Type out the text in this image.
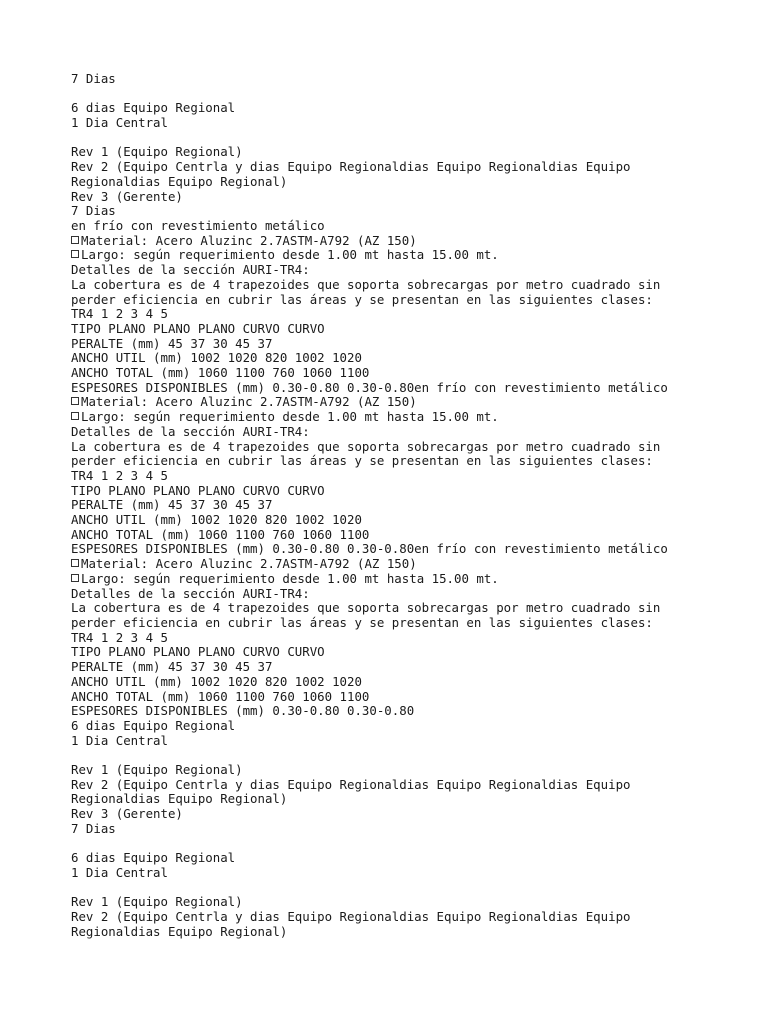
7 Dias
6 dias Equipo Regional
1 Dia Central
Rev 1 (Equipo Regional)
Rev 2 (Equipo Centrla y dias Equipo Regionaldias Equipo Regionaldias Equipo
Regionaldias Equipo Regional)
Rev 3 (Gerente)
7 Dias
en frío con revestimiento metálico
Material: Acero Aluzinc 2.7ASTM-A792 (AZ 150)
Largo: según requerimiento desde 1.00 mt hasta 15.00 mt.
Detalles de la sección AURI-TR4:
La cobertura es de 4 trapezoides que soporta sobrecargas por metro cuadrado sin
perder eficiencia en cubrir las áreas y se presentan en las siguientes clases:
TR4 1 2 3 4 5
TIPO PLANO PLANO PLANO CURVO CURVO
PERALTE (mm) 45 37 30 45 37
ANCHO UTIL (mm) 1002 1020 820 1002 1020
ANCHO TOTAL (mm) 1060 1100 760 1060 1100
ESPESORES DISPONIBLES (mm) 0.30-0.80 0.30-0.80en frío con revestimiento metálico
Material: Acero Aluzinc 2.7ASTM-A792 (AZ 150)
Largo: según requerimiento desde 1.00 mt hasta 15.00 mt.
Detalles de la sección AURI-TR4:
La cobertura es de 4 trapezoides que soporta sobrecargas por metro cuadrado sin
perder eficiencia en cubrir las áreas y se presentan en las siguientes clases:
TR4 1 2 3 4 5
TIPO PLANO PLANO PLANO CURVO CURVO
PERALTE (mm) 45 37 30 45 37
ANCHO UTIL (mm) 1002 1020 820 1002 1020
ANCHO TOTAL (mm) 1060 1100 760 1060 1100
ESPESORES DISPONIBLES (mm) 0.30-0.80 0.30-0.80en frío con revestimiento metálico
Material: Acero Aluzinc 2.7ASTM-A792 (AZ 150)
Largo: según requerimiento desde 1.00 mt hasta 15.00 mt.
Detalles de la sección AURI-TR4:
La cobertura es de 4 trapezoides que soporta sobrecargas por metro cuadrado sin
perder eficiencia en cubrir las áreas y se presentan en las siguientes clases:
TR4 1 2 3 4 5
TIPO PLANO PLANO PLANO CURVO CURVO
PERALTE (mm) 45 37 30 45 37
ANCHO UTIL (mm) 1002 1020 820 1002 1020
ANCHO TOTAL (mm) 1060 1100 760 1060 1100
ESPESORES DISPONIBLES (mm) 0.30-0.80 0.30-0.80
6 dias Equipo Regional
1 Dia Central
Rev 1 (Equipo Regional)
Rev 2 (Equipo Centrla y dias Equipo Regionaldias Equipo Regionaldias Equipo
Regionaldias Equipo Regional)
Rev 3 (Gerente)
7 Dias
6 dias Equipo Regional
1 Dia Central
Rev 1 (Equipo Regional)
Rev 2 (Equipo Centrla y dias Equipo Regionaldias Equipo Regionaldias Equipo
Regionaldias Equipo Regional)
